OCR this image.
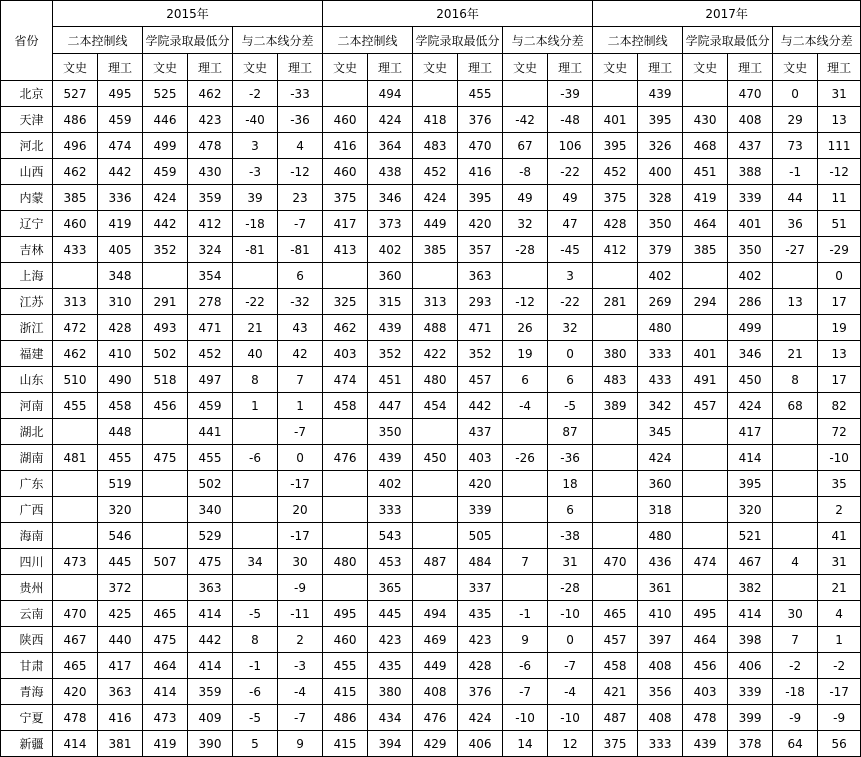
省份	2015年						2016年						2017年					
	二本控制线		学院录取最低分		与二本线分差		二本控制线		学院录取最低分		与二本线分差		二本控制线		学院录取最低分		与二本线分差	
	文史	理工	文史	理工	文史	理工	文史	理工	文史	理工	文史	理工	文史	理工	文史	理工	文史	理工
北京	527	495	525	462	-2	-33		494		455		-39		439		470	0	31
天津	486	459	446	423	-40	-36	460	424	418	376	-42	-48	401	395	430	408	29	13
河北	496	474	499	478	3	4	416	364	483	470	67	106	395	326	468	437	73	111
山西	462	442	459	430	-3	-12	460	438	452	416	-8	-22	452	400	451	388	-1	-12
内蒙	385	336	424	359	39	23	375	346	424	395	49	49	375	328	419	339	44	11
辽宁	460	419	442	412	-18	-7	417	373	449	420	32	47	428	350	464	401	36	51
吉林	433	405	352	324	-81	-81	413	402	385	357	-28	-45	412	379	385	350	-27	-29
上海		348		354		6		360		363		3		402		402		0
江苏	313	310	291	278	-22	-32	325	315	313	293	-12	-22	281	269	294	286	13	17
浙江	472	428	493	471	21	43	462	439	488	471	26	32		480		499		19
福建	462	410	502	452	40	42	403	352	422	352	19	0	380	333	401	346	21	13
山东	510	490	518	497	8	7	474	451	480	457	6	6	483	433	491	450	8	17
河南	455	458	456	459	1	1	458	447	454	442	-4	-5	389	342	457	424	68	82
湖北		448		441		-7		350		437		87		345		417		72
湖南	481	455	475	455	-6	0	476	439	450	403	-26	-36		424		414		-10
广东		519		502		-17		402		420		18		360		395		35
广西		320		340		20		333		339		6		318		320		2
海南		546		529		-17		543		505		-38		480		521		41
四川	473	445	507	475	34	30	480	453	487	484	7	31	470	436	474	467	4	31
贵州		372		363		-9		365		337		-28		361		382		21
云南	470	425	465	414	-5	-11	495	445	494	435	-1	-10	465	410	495	414	30	4
陕西	467	440	475	442	8	2	460	423	469	423	9	0	457	397	464	398	7	1
甘肃	465	417	464	414	-1	-3	455	435	449	428	-6	-7	458	408	456	406	-2	-2
青海	420	363	414	359	-6	-4	415	380	408	376	-7	-4	421	356	403	339	-18	-17
宁夏	478	416	473	409	-5	-7	486	434	476	424	-10	-10	487	408	478	399	-9	-9
新疆	414	381	419	390	5	9	415	394	429	406	14	12	375	333	439	378	64	56
